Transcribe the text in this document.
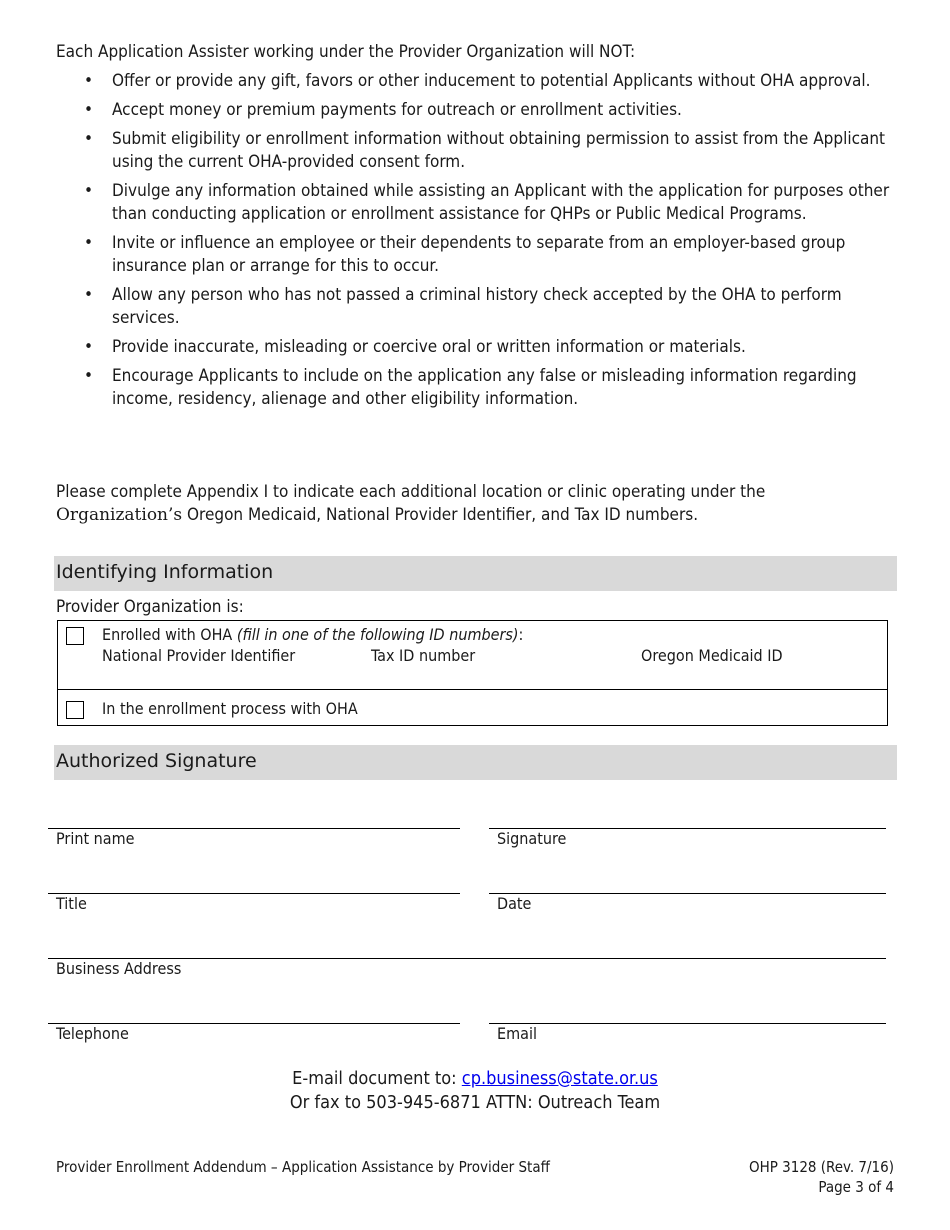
Each Application Assister working under the Provider Organization will NOT:
• Offer or provide any gift, favors or other inducement to potential Applicants without OHA approval.
• Accept money or premium payments for outreach or enrollment activities.
• Submit eligibility or enrollment information without obtaining permission to assist from the Applicant using the current OHA-provided consent form.
• Divulge any information obtained while assisting an Applicant with the application for purposes other than conducting application or enrollment assistance for QHPs or Public Medical Programs.
• Invite or influence an employee or their dependents to separate from an employer-based group insurance plan or arrange for this to occur.
• Allow any person who has not passed a criminal history check accepted by the OHA to perform services.
• Provide inaccurate, misleading or coercive oral or written information or materials.
• Encourage Applicants to include on the application any false or misleading information regarding income, residency, alienage and other eligibility information.
Please complete Appendix I to indicate each additional location or clinic operating under the
Organization’s Oregon Medicaid, National Provider Identifier, and Tax ID numbers.
Identifying Information
Provider Organization is:
Enrolled with OHA (fill in one of the following ID numbers):
National Provider Identifier	Tax ID number	Oregon Medicaid ID
In the enrollment process with OHA
Authorized Signature
Print name	Signature
Title	Date
Business Address
Telephone	Email
E-mail document to: cp.business@state.or.us
Or fax to 503-945-6871 ATTN: Outreach Team
Provider Enrollment Addendum – Application Assistance by Provider Staff	OHP 3128 (Rev. 7/16)
Page 3 of 4
